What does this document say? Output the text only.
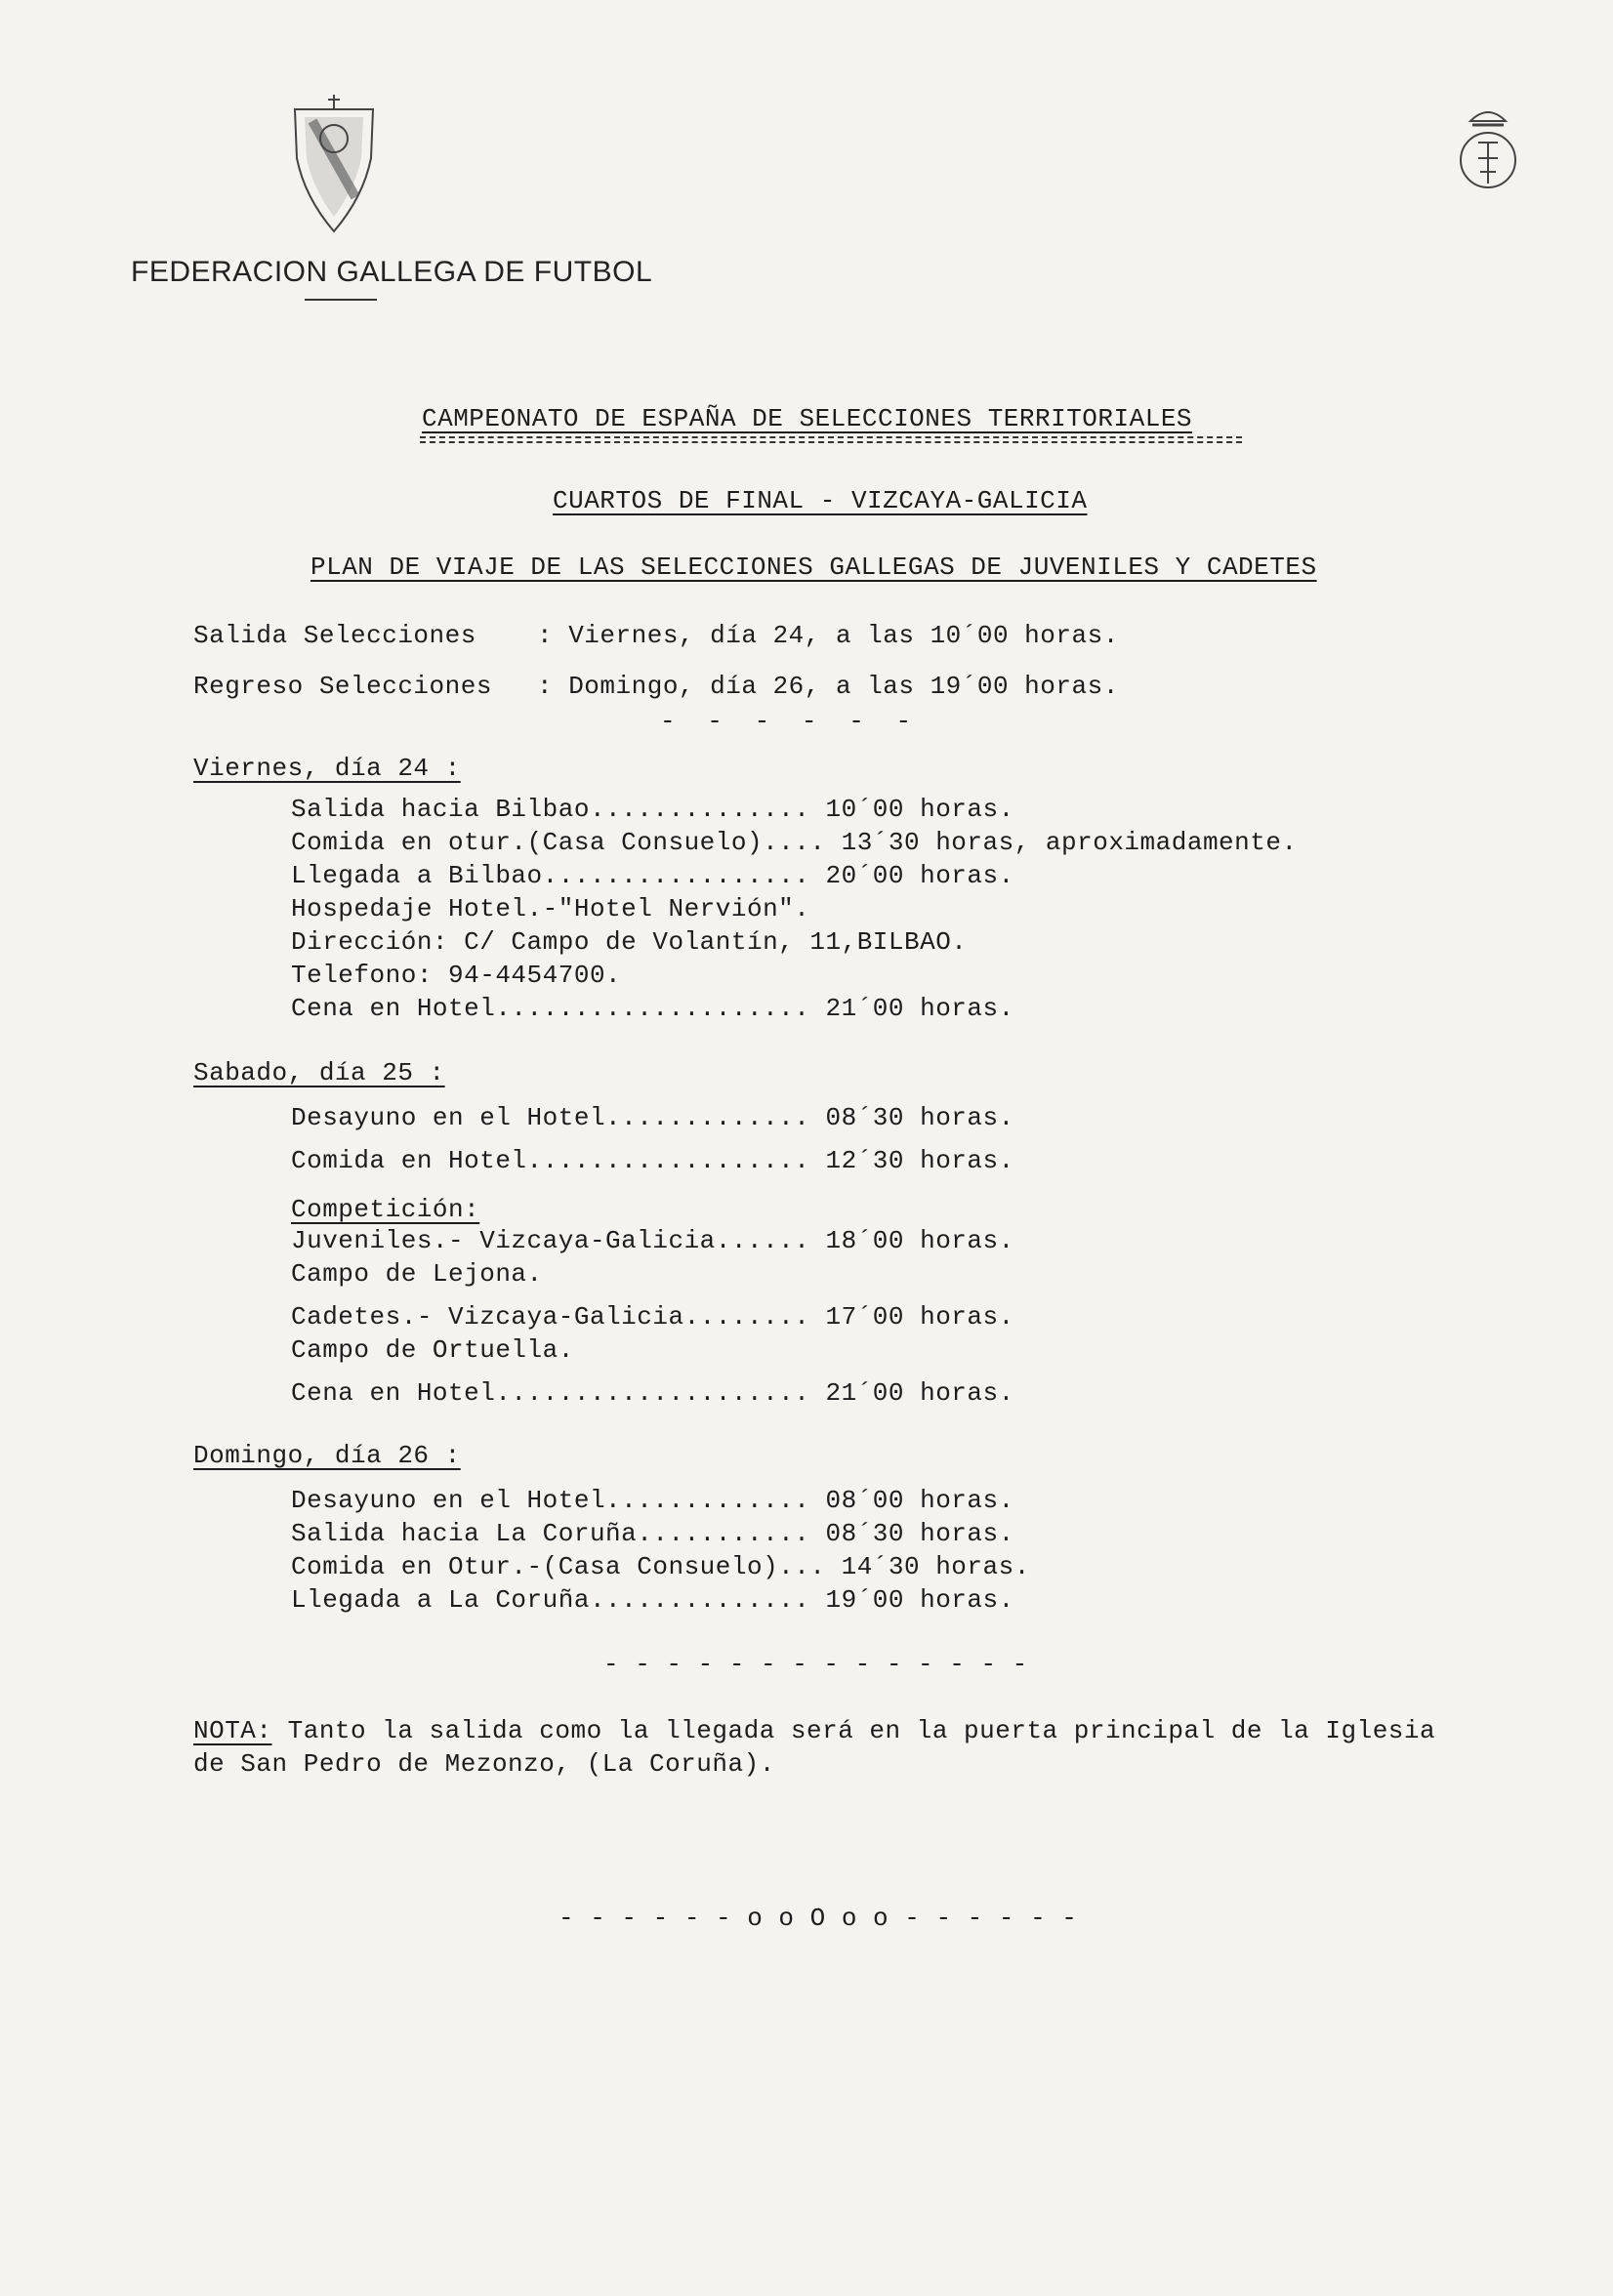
FEDERACION GALLEGA DE FUTBOL
CAMPEONATO DE ESPAÑA DE SELECCIONES TERRITORIALES
CUARTOS DE FINAL - VIZCAYA-GALICIA
PLAN DE VIAJE DE LAS SELECCIONES GALLEGAS DE JUVENILES Y CADETES
Salida Selecciones : Viernes, día 24, a las 10´00 horas.
Regreso Selecciones : Domingo, día 26, a las 19´00 horas.
-  -  -  -  -  -
Viernes, día 24 :
Salida hacia Bilbao.............. 10´00 horas.
Comida en otur.(Casa Consuelo).... 13´30 horas, aproximadamente.
Llegada a Bilbao................. 20´00 horas.
Hospedaje Hotel.-"Hotel Nervión".
Dirección: C/ Campo de Volantín, 11,BILBAO.
Telefono: 94-4454700.
Cena en Hotel.................... 21´00 horas.
Sabado, día 25 :
Desayuno en el Hotel............. 08´30 horas.
Comida en Hotel.................. 12´30 horas.
Competición:
Juveniles.- Vizcaya-Galicia...... 18´00 horas.
Campo de Lejona.
Cadetes.- Vizcaya-Galicia........ 17´00 horas.
Campo de Ortuella.
Cena en Hotel.................... 21´00 horas.
Domingo, día 26 :
Desayuno en el Hotel............. 08´00 horas.
Salida hacia La Coruña........... 08´30 horas.
Comida en Otur.-(Casa Consuelo)... 14´30 horas.
Llegada a La Coruña.............. 19´00 horas.
- - - - - - - - - - - - - -
NOTA: Tanto la salida como la llegada será en la puerta principal de la Iglesia
de San Pedro de Mezonzo, (La Coruña).
- - - - - - o o O o o - - - - - -
